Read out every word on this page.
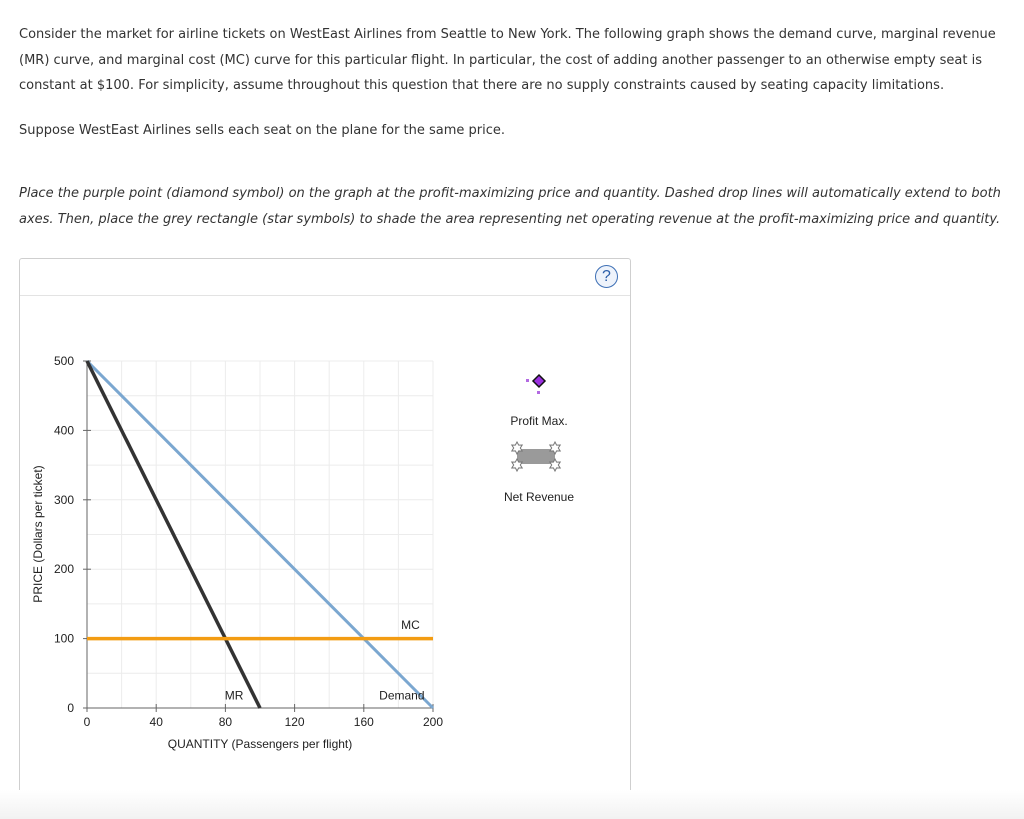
Consider the market for airline tickets on WestEast Airlines from Seattle to New York. The following graph shows the demand curve, marginal revenue (MR) curve, and marginal cost (MC) curve for this particular flight. In particular, the cost of adding another passenger to an otherwise empty seat is constant at $100. For simplicity, assume throughout this question that there are no supply constraints caused by seating capacity limitations.

Suppose WestEast Airlines sells each seat on the plane for the same price.

Place the purple point (diamond symbol) on the graph at the profit-maximizing price and quantity. Dashed drop lines will automatically extend to both axes. Then, place the grey rectangle (star symbols) to shade the area representing net operating revenue at the profit-maximizing price and quantity.

?
0	40	80	120	160	200
0
100
200
300
400
500
MR	Demand
MC
QUANTITY (Passengers per flight)
PRICE (Dollars per ticket)
Profit Max.
Net Revenue
